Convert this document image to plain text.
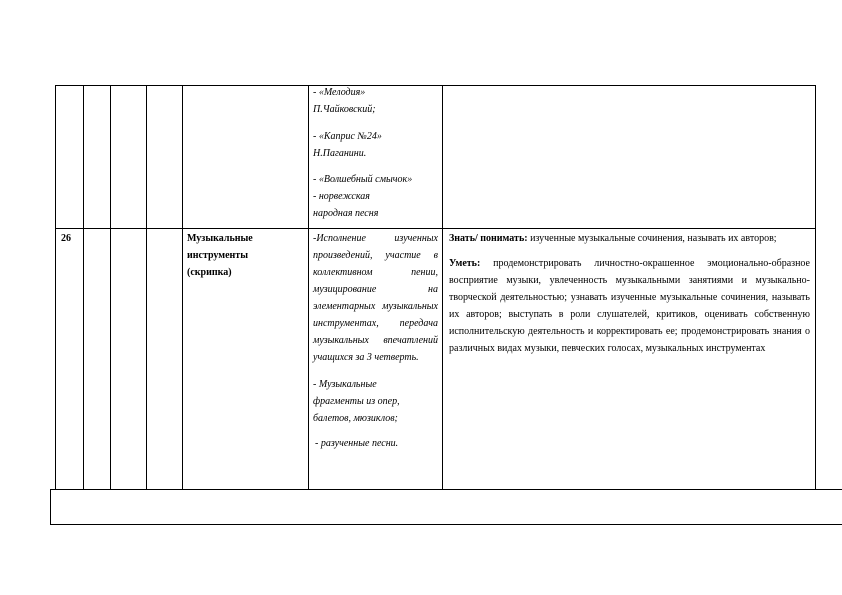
- «Мелодия»

П.Чайковский;

- «Каприс №24»

Н.Паганини.

- «Волшебный смычок»

- норвежская народная песня

26	Музыкальные инструменты (скрипка)

-Исполнение изученных произведений, участие в коллективном пении, музицирование на элементарных музыкальных инструментах, передача музыкальных впечатлений учащихся за 3 четверть.

- Музыкальные фрагменты из опер, балетов, мюзиклов;

- разученные песни.

Знать/ понимать: изученные музыкальные сочинения, называть их авторов;

Уметь: продемонстрировать личностно-окрашенное эмоционально-образное восприятие музыки, увлеченность музыкальными занятиями и музыкально-творческой деятельностью; узнавать изученные музыкальные сочинения, называть их авторов; выступать в роли слушателей, критиков, оценивать собственную исполнительскую деятельность и корректировать ее; продемонстрировать знания о различных видах музыки, певческих голосах, музыкальных инструментах
